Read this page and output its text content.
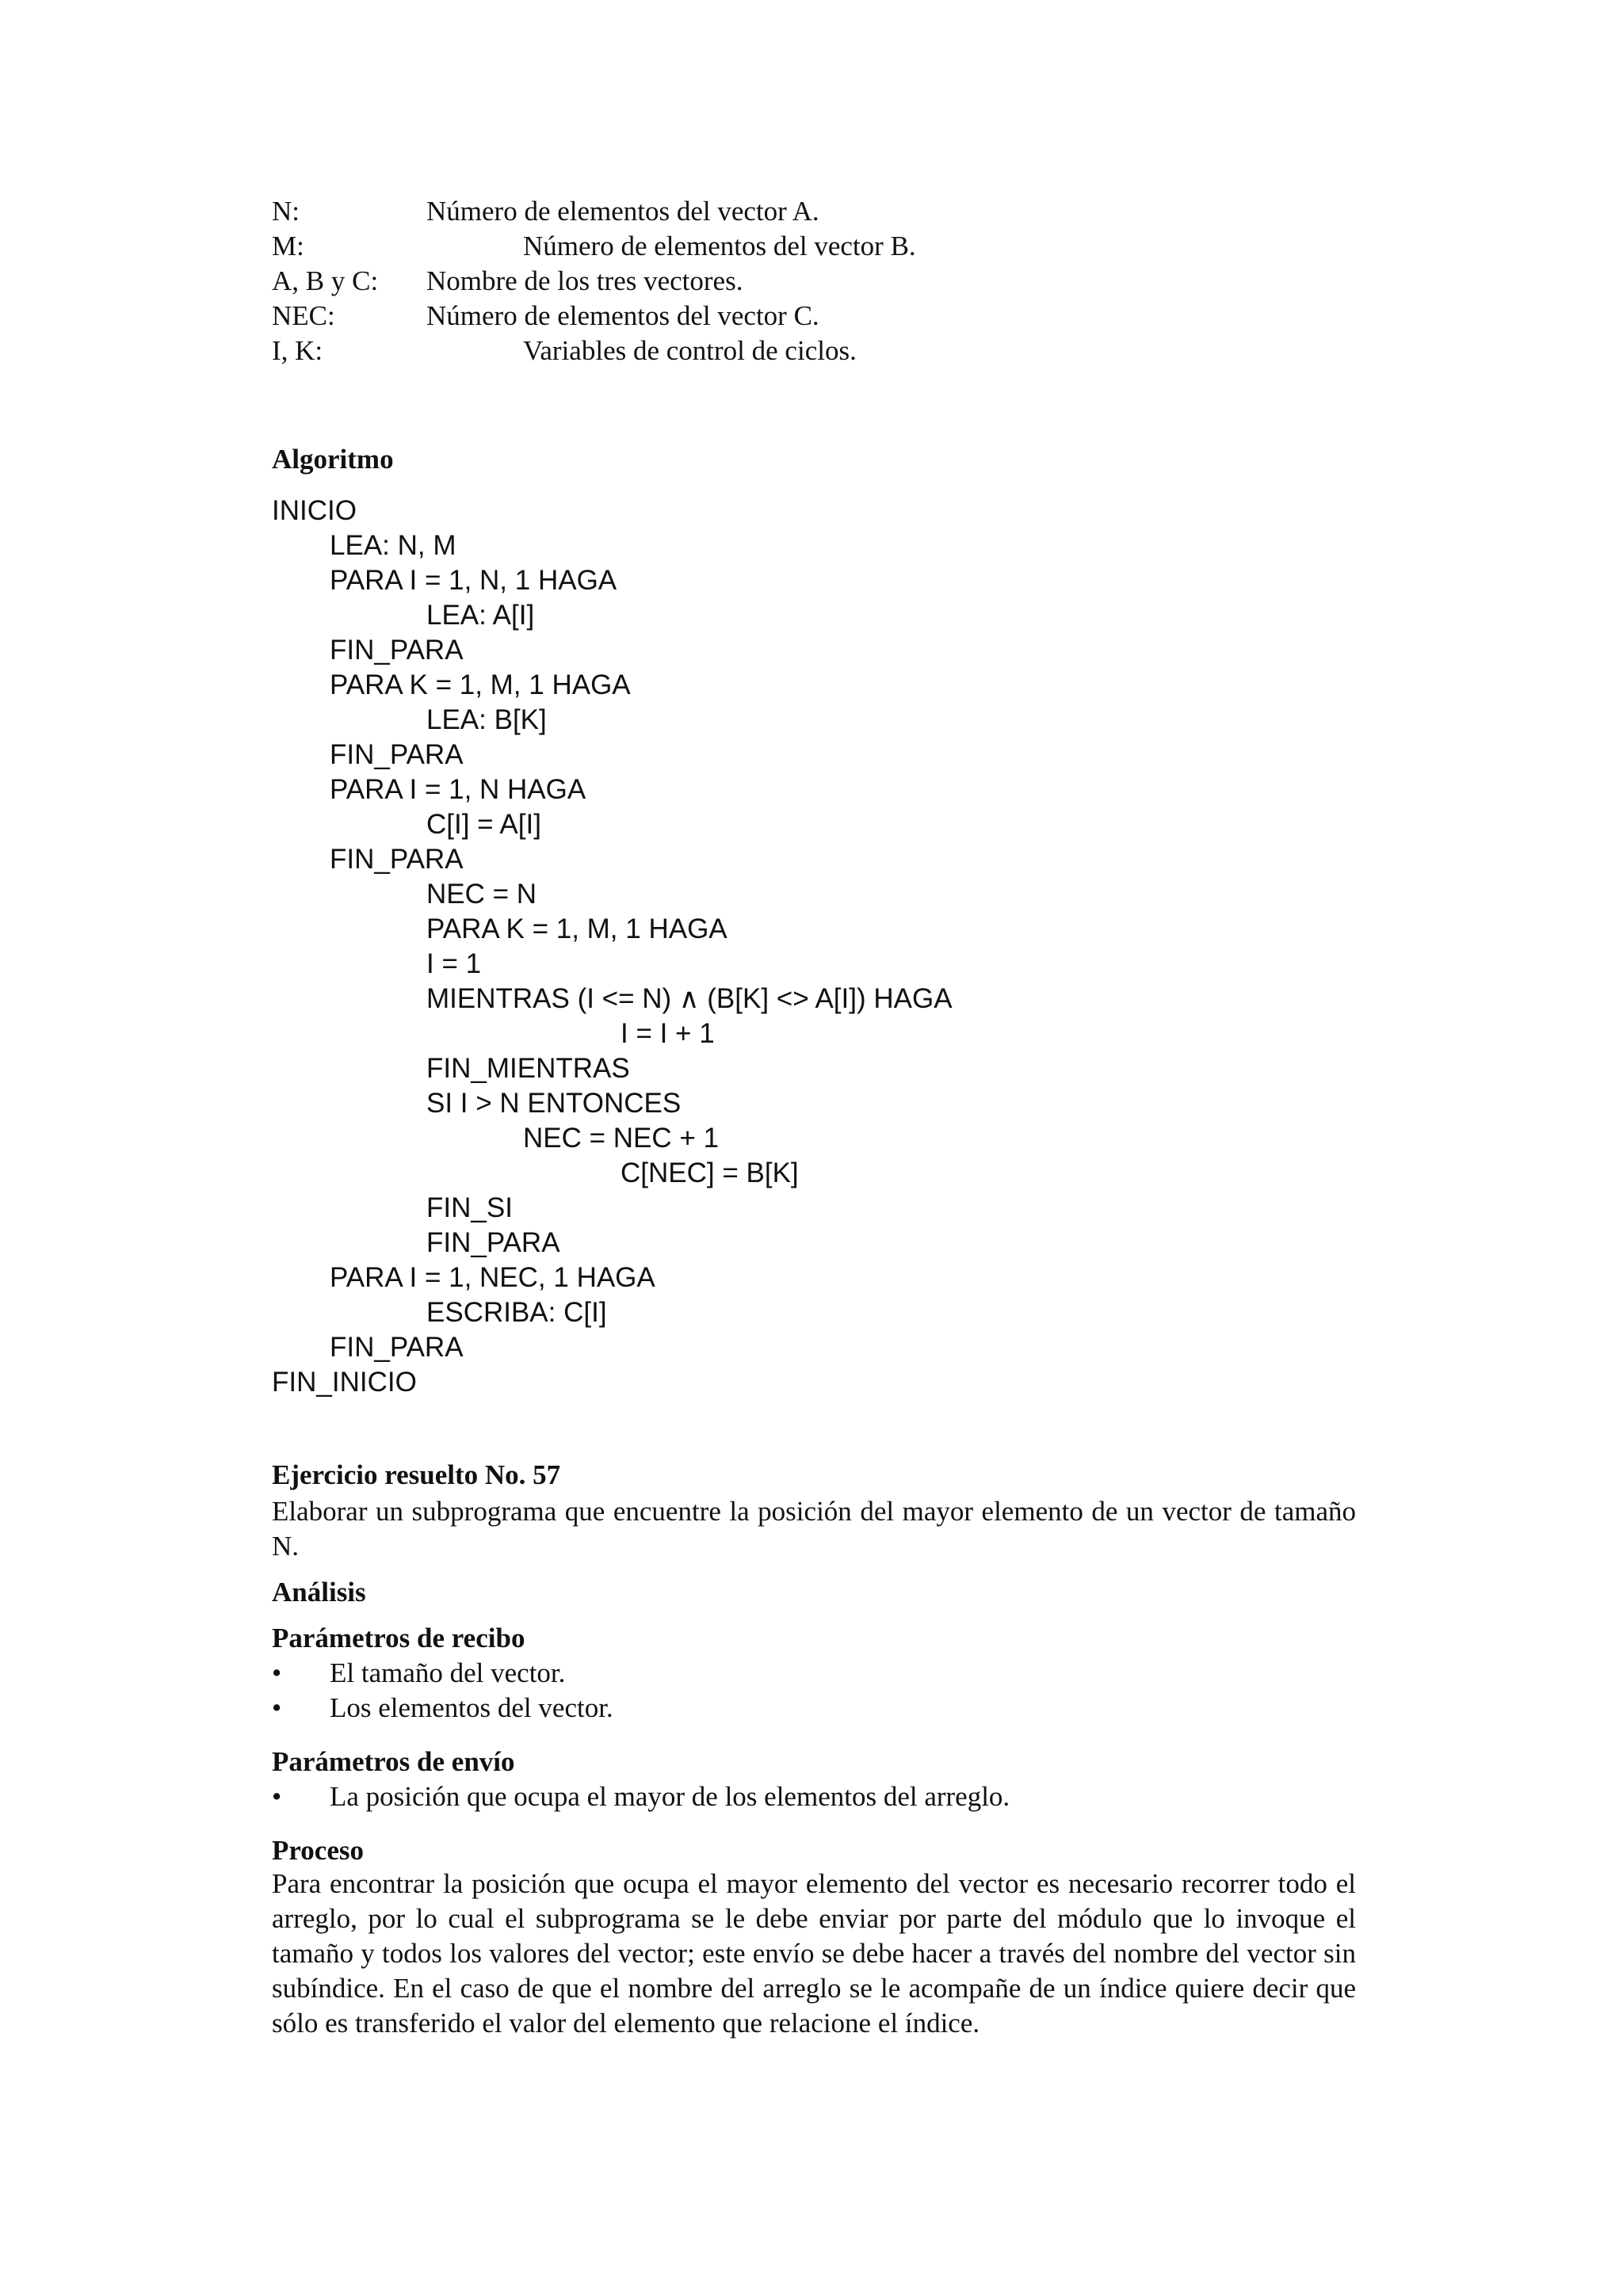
N:	Número de elementos del vector A.
M:	Número de elementos del vector B.
A, B y C: Nombre de los tres vectores.
NEC:	Número de elementos del vector C.
I, K:	Variables de control de ciclos.
Algoritmo
INICIO
LEA: N, M
PARA I = 1, N, 1 HAGA
LEA: A[I]
FIN_PARA
PARA K = 1, M, 1 HAGA
LEA: B[K]
FIN_PARA
PARA I = 1, N HAGA
C[I] = A[I]
FIN_PARA
NEC = N
PARA K = 1, M, 1 HAGA
I = 1
MIENTRAS (I <= N) ∧ (B[K] <> A[I]) HAGA
I = I + 1
FIN_MIENTRAS
SI I > N ENTONCES
NEC = NEC + 1
C[NEC] = B[K]
FIN_SI
FIN_PARA
PARA I = 1, NEC, 1 HAGA
ESCRIBA: C[I]
FIN_PARA
FIN_INICIO
Ejercicio resuelto No. 57
Elaborar un subprograma que encuentre la posición del mayor elemento de un vector de tamaño N.
Análisis
Parámetros de recibo
• El tamaño del vector.
• Los elementos del vector.
Parámetros de envío
• La posición que ocupa el mayor de los elementos del arreglo.
Proceso
Para encontrar la posición que ocupa el mayor elemento del vector es necesario recorrer todo el arreglo, por lo cual el subprograma se le debe enviar por parte del módulo que lo invoque el tamaño y todos los valores del vector; este envío se debe hacer a través del nombre del vector sin subíndice. En el caso de que el nombre del arreglo se le acompañe de un índice quiere decir que sólo es transferido el valor del elemento que relacione el índice.
